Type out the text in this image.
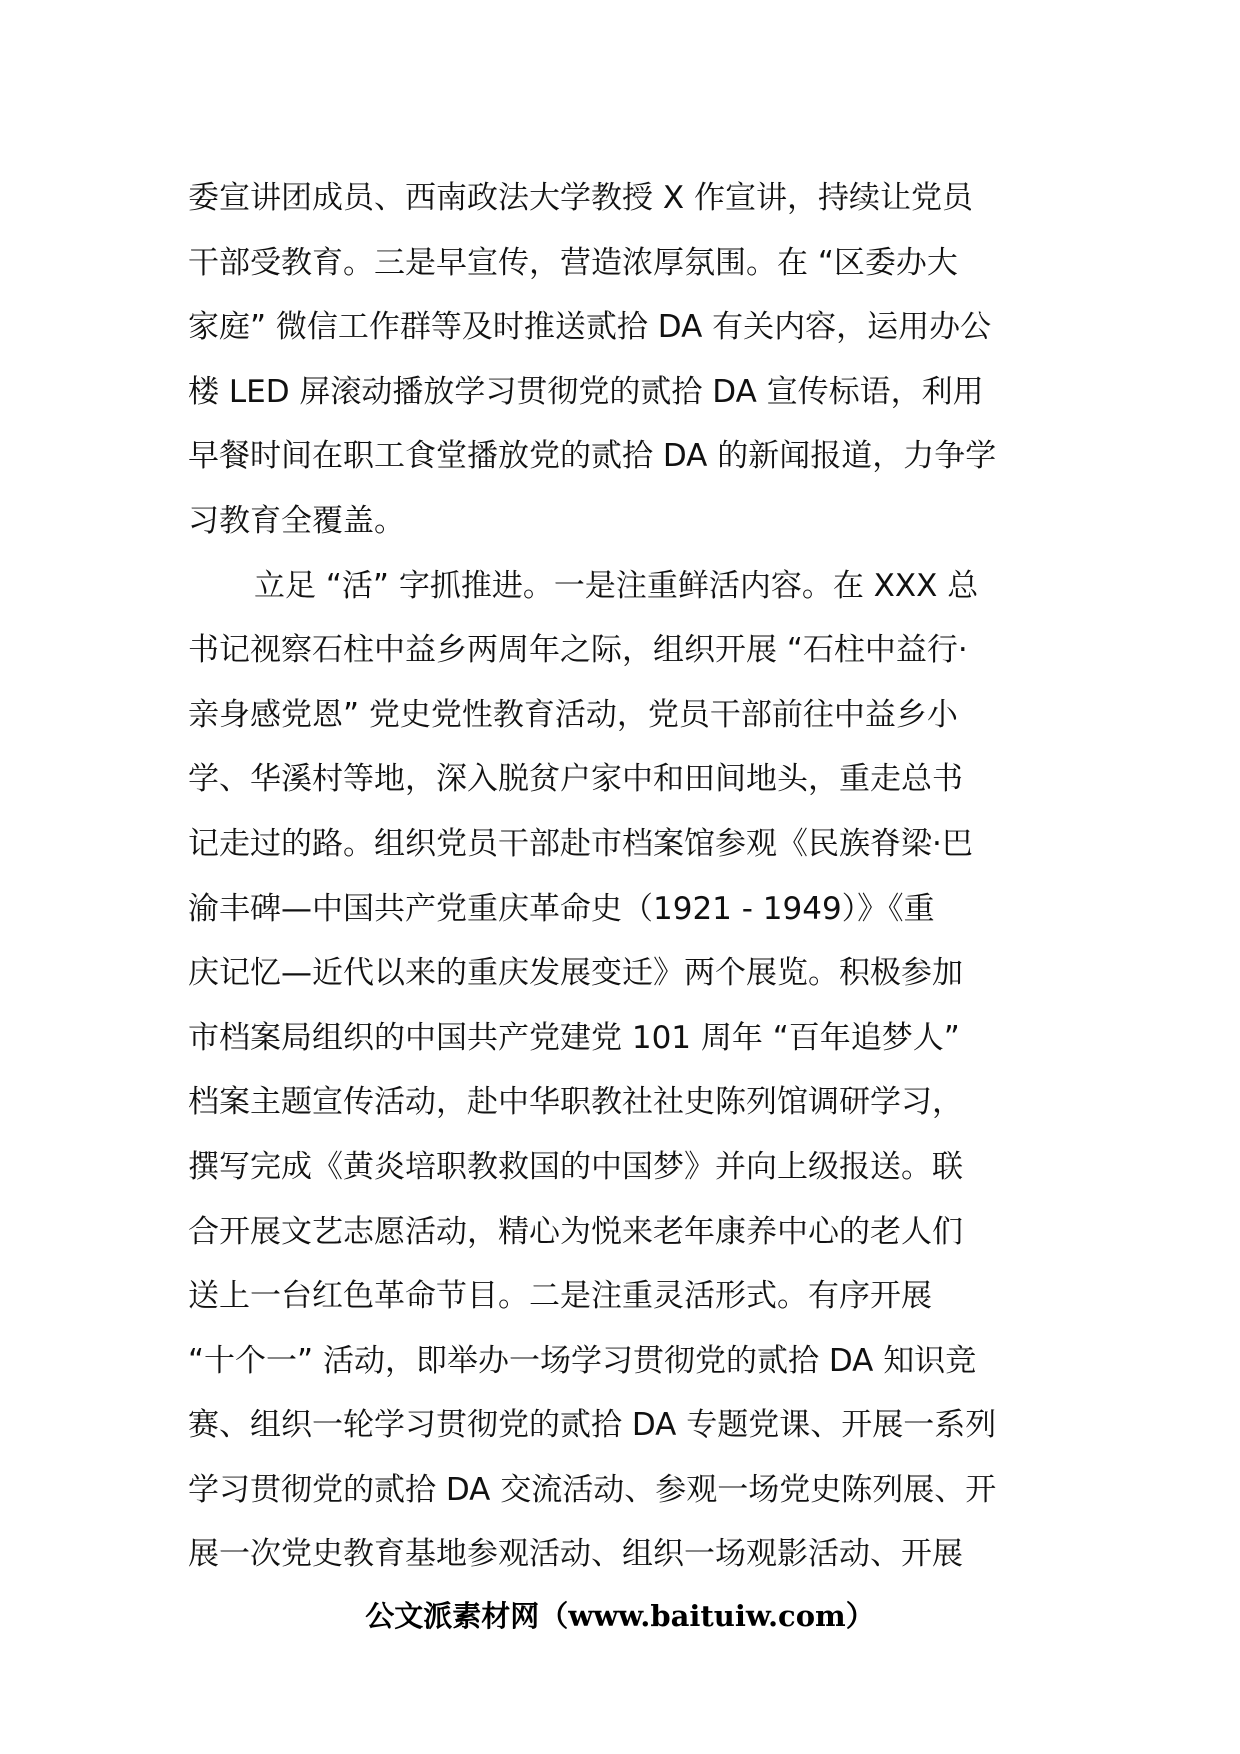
委宣讲团成员、西南政法大学教授 X 作宣讲，持续让党员
干部受教育。三是早宣传，营造浓厚氛围。在 “区委办大
家庭” 微信工作群等及时推送贰拾 DA 有关内容，运用办公
楼 LED 屏滚动播放学习贯彻党的贰拾 DA 宣传标语，利用
早餐时间在职工食堂播放党的贰拾 DA 的新闻报道，力争学
习教育全覆盖。
立足 “活” 字抓推进。一是注重鲜活内容。在 XXX 总
书记视察石柱中益乡两周年之际，组织开展 “石柱中益行·
亲身感党恩” 党史党性教育活动，党员干部前往中益乡小
学、华溪村等地，深入脱贫户家中和田间地头，重走总书
记走过的路。组织党员干部赴市档案馆参观《民族脊梁·巴
渝丰碑—中国共产党重庆革命史（1921 - 1949）》《重
庆记忆—近代以来的重庆发展变迁》两个展览。积极参加
市档案局组织的中国共产党建党 101 周年 “百年追梦人”
档案主题宣传活动，赴中华职教社社史陈列馆调研学习，
撰写完成《黄炎培职教救国的中国梦》并向上级报送。联
合开展文艺志愿活动，精心为悦来老年康养中心的老人们
送上一台红色革命节目。二是注重灵活形式。有序开展
“十个一” 活动，即举办一场学习贯彻党的贰拾 DA 知识竞
赛、组织一轮学习贯彻党的贰拾 DA 专题党课、开展一系列
学习贯彻党的贰拾 DA 交流活动、参观一场党史陈列展、开
展一次党史教育基地参观活动、组织一场观影活动、开展
公文派素材网（www.baituiw.com）
